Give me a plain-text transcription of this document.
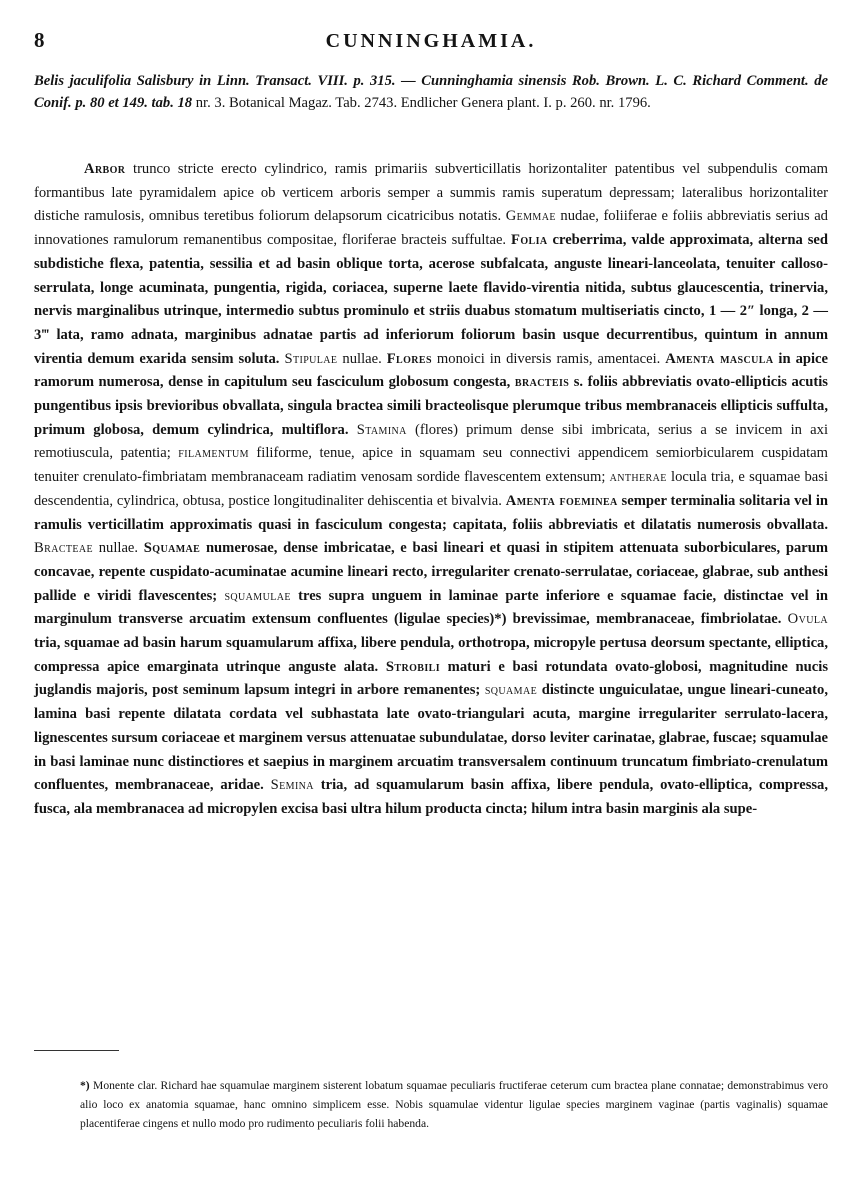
8	CUNNINGHAMIA.
Belis jaculifolia Salisbury in Linn. Transact. VIII. p. 315. — Cunninghamia sinensis Rob. Brown. L. C. Richard Comment. de Conif. p. 80 et 149. tab. 18 nr. 3. Botanical Magaz. Tab. 2743. Endlicher Genera plant. I. p. 260. nr. 1796.

Arbor trunco stricte erecto cylindrico, ramis primariis subverticillatis horizontaliter patentibus vel subpendulis comam formantibus late pyramidalem apice ob verticem arboris semper a summis ramis superatum depressam; lateralibus horizontaliter distiche ramulosis, omnibus teretibus foliorum delapsorum cicatricibus notatis. Gemmae nudae, foliiferae e foliis abbreviatis serius ad innovationes ramulorum remanentibus compositae, floriferae bracteis suffultae. Folia creberrima, valde approximata, alterna sed subdistiche flexa, patentia, sessilia et ad basin oblique torta, acerose subfalcata, anguste lineari-lanceolata, tenuiter calloso-serrulata, longe acuminata, pungentia, rigida, coriacea, superne laete flavido-virentia nitida, subtus glaucescentia, trinervia, nervis marginalibus utrinque, intermedio subtus prominulo et striis duabus stomatum multiseriatis cincto, 1 — 2″ longa, 2 — 3‴ lata, ramo adnata, marginibus adnatae partis ad inferiorum foliorum basin usque decurrentibus, quintum in annum virentia demum exarida sensim soluta. Stipulae nullae. Flores monoici in diversis ramis, amentacei. Amenta mascula in apice ramorum numerosa, dense in capitulum seu fasciculum globosum congesta, bracteis s. foliis abbreviatis ovato-ellipticis acutis pungentibus ipsis brevioribus obvallata, singula bractea simili bracteolisque plerumque tribus membranaceis ellipticis suffulta, primum globosa, demum cylindrica, multiflora. Stamina (flores) primum dense sibi imbricata, serius a se invicem in axi remotiuscula, patentia; filamentum filiforme, tenue, apice in squamam seu connectivi appendicem semiorbicularem cuspidatam tenuiter crenulato-fimbriatam membranaceam radiatim venosam sordide flavescentem extensum; antherae locula tria, e squamae basi descendentia, cylindrica, obtusa, postice longitudinaliter dehiscentia et bivalvia. Amenta foeminea semper terminalia solitaria vel in ramulis verticillatim approximatis quasi in fasciculum congesta; capitata, foliis abbreviatis et dilatatis numerosis obvallata. Bracteae nullae. Squamae numerosae, dense imbricatae, e basi lineari et quasi in stipitem attenuata suborbiculares, parum concavae, repente cuspidato-acuminatae acumine lineari recto, irregulariter crenato-serrulatae, coriaceae, glabrae, sub anthesi pallide e viridi flavescentes; squamulae tres supra unguem in laminae parte inferiore e squamae facie, distinctae vel in marginulum transverse arcuatim extensum confluentes (ligulae species)*) brevissimae, membranaceae, fimbriolatae. Ovula tria, squamae ad basin harum squamularum affixa, libere pendula, orthotropa, micropyle pertusa deorsum spectante, elliptica, compressa apice emarginata utrinque anguste alata. Strobili maturi e basi rotundata ovato-globosi, magnitudine nucis juglandis majoris, post seminum lapsum integri in arbore remanentes; squamae distincte unguiculatae, ungue lineari-cuneato, lamina basi repente dilatata cordata vel subhastata late ovato-triangulari acuta, margine irregulariter serrulato-lacera, lignescentes sursum coriaceae et marginem versus attenuatae subundulatae, dorso leviter carinatae, glabrae, fuscae; squamulae in basi laminae nunc distinctiores et saepius in marginem arcuatim transversalem continuum truncatum fimbriato-crenulatum confluentes, membranaceae, aridae. Semina tria, ad squamularum basin affixa, libere pendula, ovato-elliptica, compressa, fusca, ala membranacea ad micropylen excisa basi ultra hilum producta cincta; hilum intra basin marginis ala supe-

*) Monente clar. Richard hae squamulae marginem sisterent lobatum squamae peculiaris fructiferae ceterum cum bractea plane connatae; demonstrabimus vero alio loco ex anatomia squamae, hanc omnino simplicem esse. Nobis squamulae videntur ligulae species marginem vaginae (partis vaginalis) squamae placentiferae cingens et nullo modo pro rudimento peculiaris folii habenda.
